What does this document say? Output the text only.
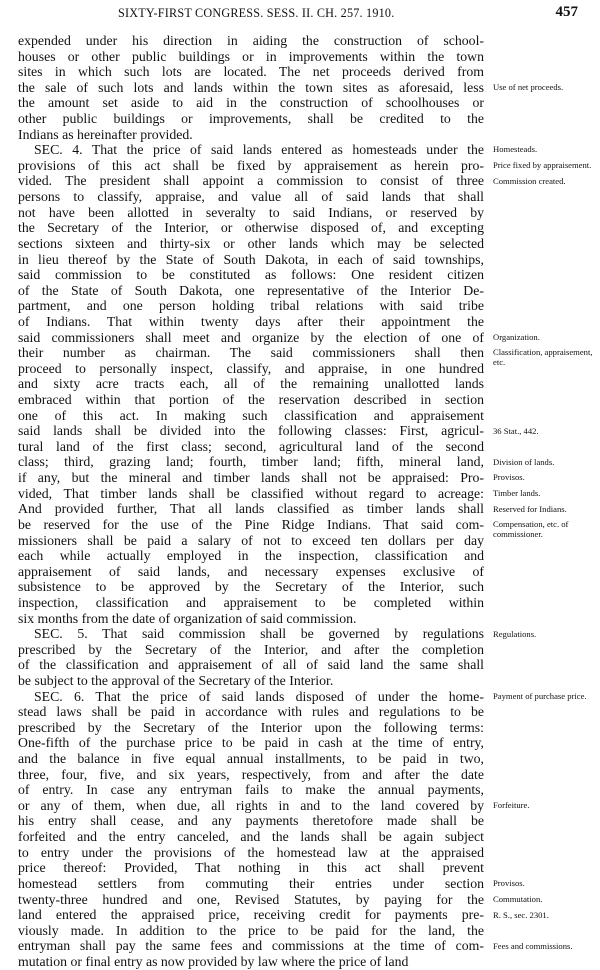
SIXTY-FIRST CONGRESS. SESS. II. CH. 257. 1910.	457
expended under his direction in aiding the construction of school-
houses or other public buildings or in improvements within the town
sites in which such lots are located. The net proceeds derived from
the sale of such lots and lands within the town sites as aforesaid, less
the amount set aside to aid in the construction of schoolhouses or
other public buildings or improvements, shall be credited to the
Indians as hereinafter provided.
SEC. 4. That the price of said lands entered as homesteads under the
provisions of this act shall be fixed by appraisement as herein pro-
vided. The president shall appoint a commission to consist of three
persons to classify, appraise, and value all of said lands that shall
not have been allotted in severalty to said Indians, or reserved by
the Secretary of the Interior, or otherwise disposed of, and excepting
sections sixteen and thirty-six or other lands which may be selected
in lieu thereof by the State of South Dakota, in each of said townships,
said commission to be constituted as follows: One resident citizen
of the State of South Dakota, one representative of the Interior De-
partment, and one person holding tribal relations with said tribe
of Indians. That within twenty days after their appointment the
said commissioners shall meet and organize by the election of one of
their number as chairman. The said commissioners shall then
proceed to personally inspect, classify, and appraise, in one hundred
and sixty acre tracts each, all of the remaining unallotted lands
embraced within that portion of the reservation described in section
one of this act. In making such classification and appraisement
said lands shall be divided into the following classes: First, agricul-
tural land of the first class; second, agricultural land of the second
class; third, grazing land; fourth, timber land; fifth, mineral land,
if any, but the mineral and timber lands shall not be appraised: Pro-
vided, That timber lands shall be classified without regard to acreage:
And provided further, That all lands classified as timber lands shall
be reserved for the use of the Pine Ridge Indians. That said com-
missioners shall be paid a salary of not to exceed ten dollars per day
each while actually employed in the inspection, classification and
appraisement of said lands, and necessary expenses exclusive of
subsistence to be approved by the Secretary of the Interior, such
inspection, classification and appraisement to be completed within
six months from the date of organization of said commission.
SEC. 5. That said commission shall be governed by regulations
prescribed by the Secretary of the Interior, and after the completion
of the classification and appraisement of all of said land the same shall
be subject to the approval of the Secretary of the Interior.
SEC. 6. That the price of said lands disposed of under the home-
stead laws shall be paid in accordance with rules and regulations to be
prescribed by the Secretary of the Interior upon the following terms:
One-fifth of the purchase price to be paid in cash at the time of entry,
and the balance in five equal annual installments, to be paid in two,
three, four, five, and six years, respectively, from and after the date
of entry. In case any entryman fails to make the annual payments,
or any of them, when due, all rights in and to the land covered by
his entry shall cease, and any payments theretofore made shall be
forfeited and the entry canceled, and the lands shall be again subject
to entry under the provisions of the homestead law at the appraised
price thereof: Provided, That nothing in this act shall prevent
homestead settlers from commuting their entries under section
twenty-three hundred and one, Revised Statutes, by paying for the
land entered the appraised price, receiving credit for payments pre-
viously made. In addition to the price to be paid for the land, the
entryman shall pay the same fees and commissions at the time of com-
mutation or final entry as now provided by law where the price of land
Use of net proceeds.
Homesteads.
Price fixed by appraisement.
Commission created.
Organization.
Classification, appraisement, etc.
36 Stat., 442.
Division of lands.
Provisos.
Timber lands.
Reserved for Indians.
Compensation, etc. of commissioner.
Regulations.
Payment of purchase price.
Forfeiture.
Provisos.
Commutation.
R. S., sec. 2301.
Fees and commissions.
